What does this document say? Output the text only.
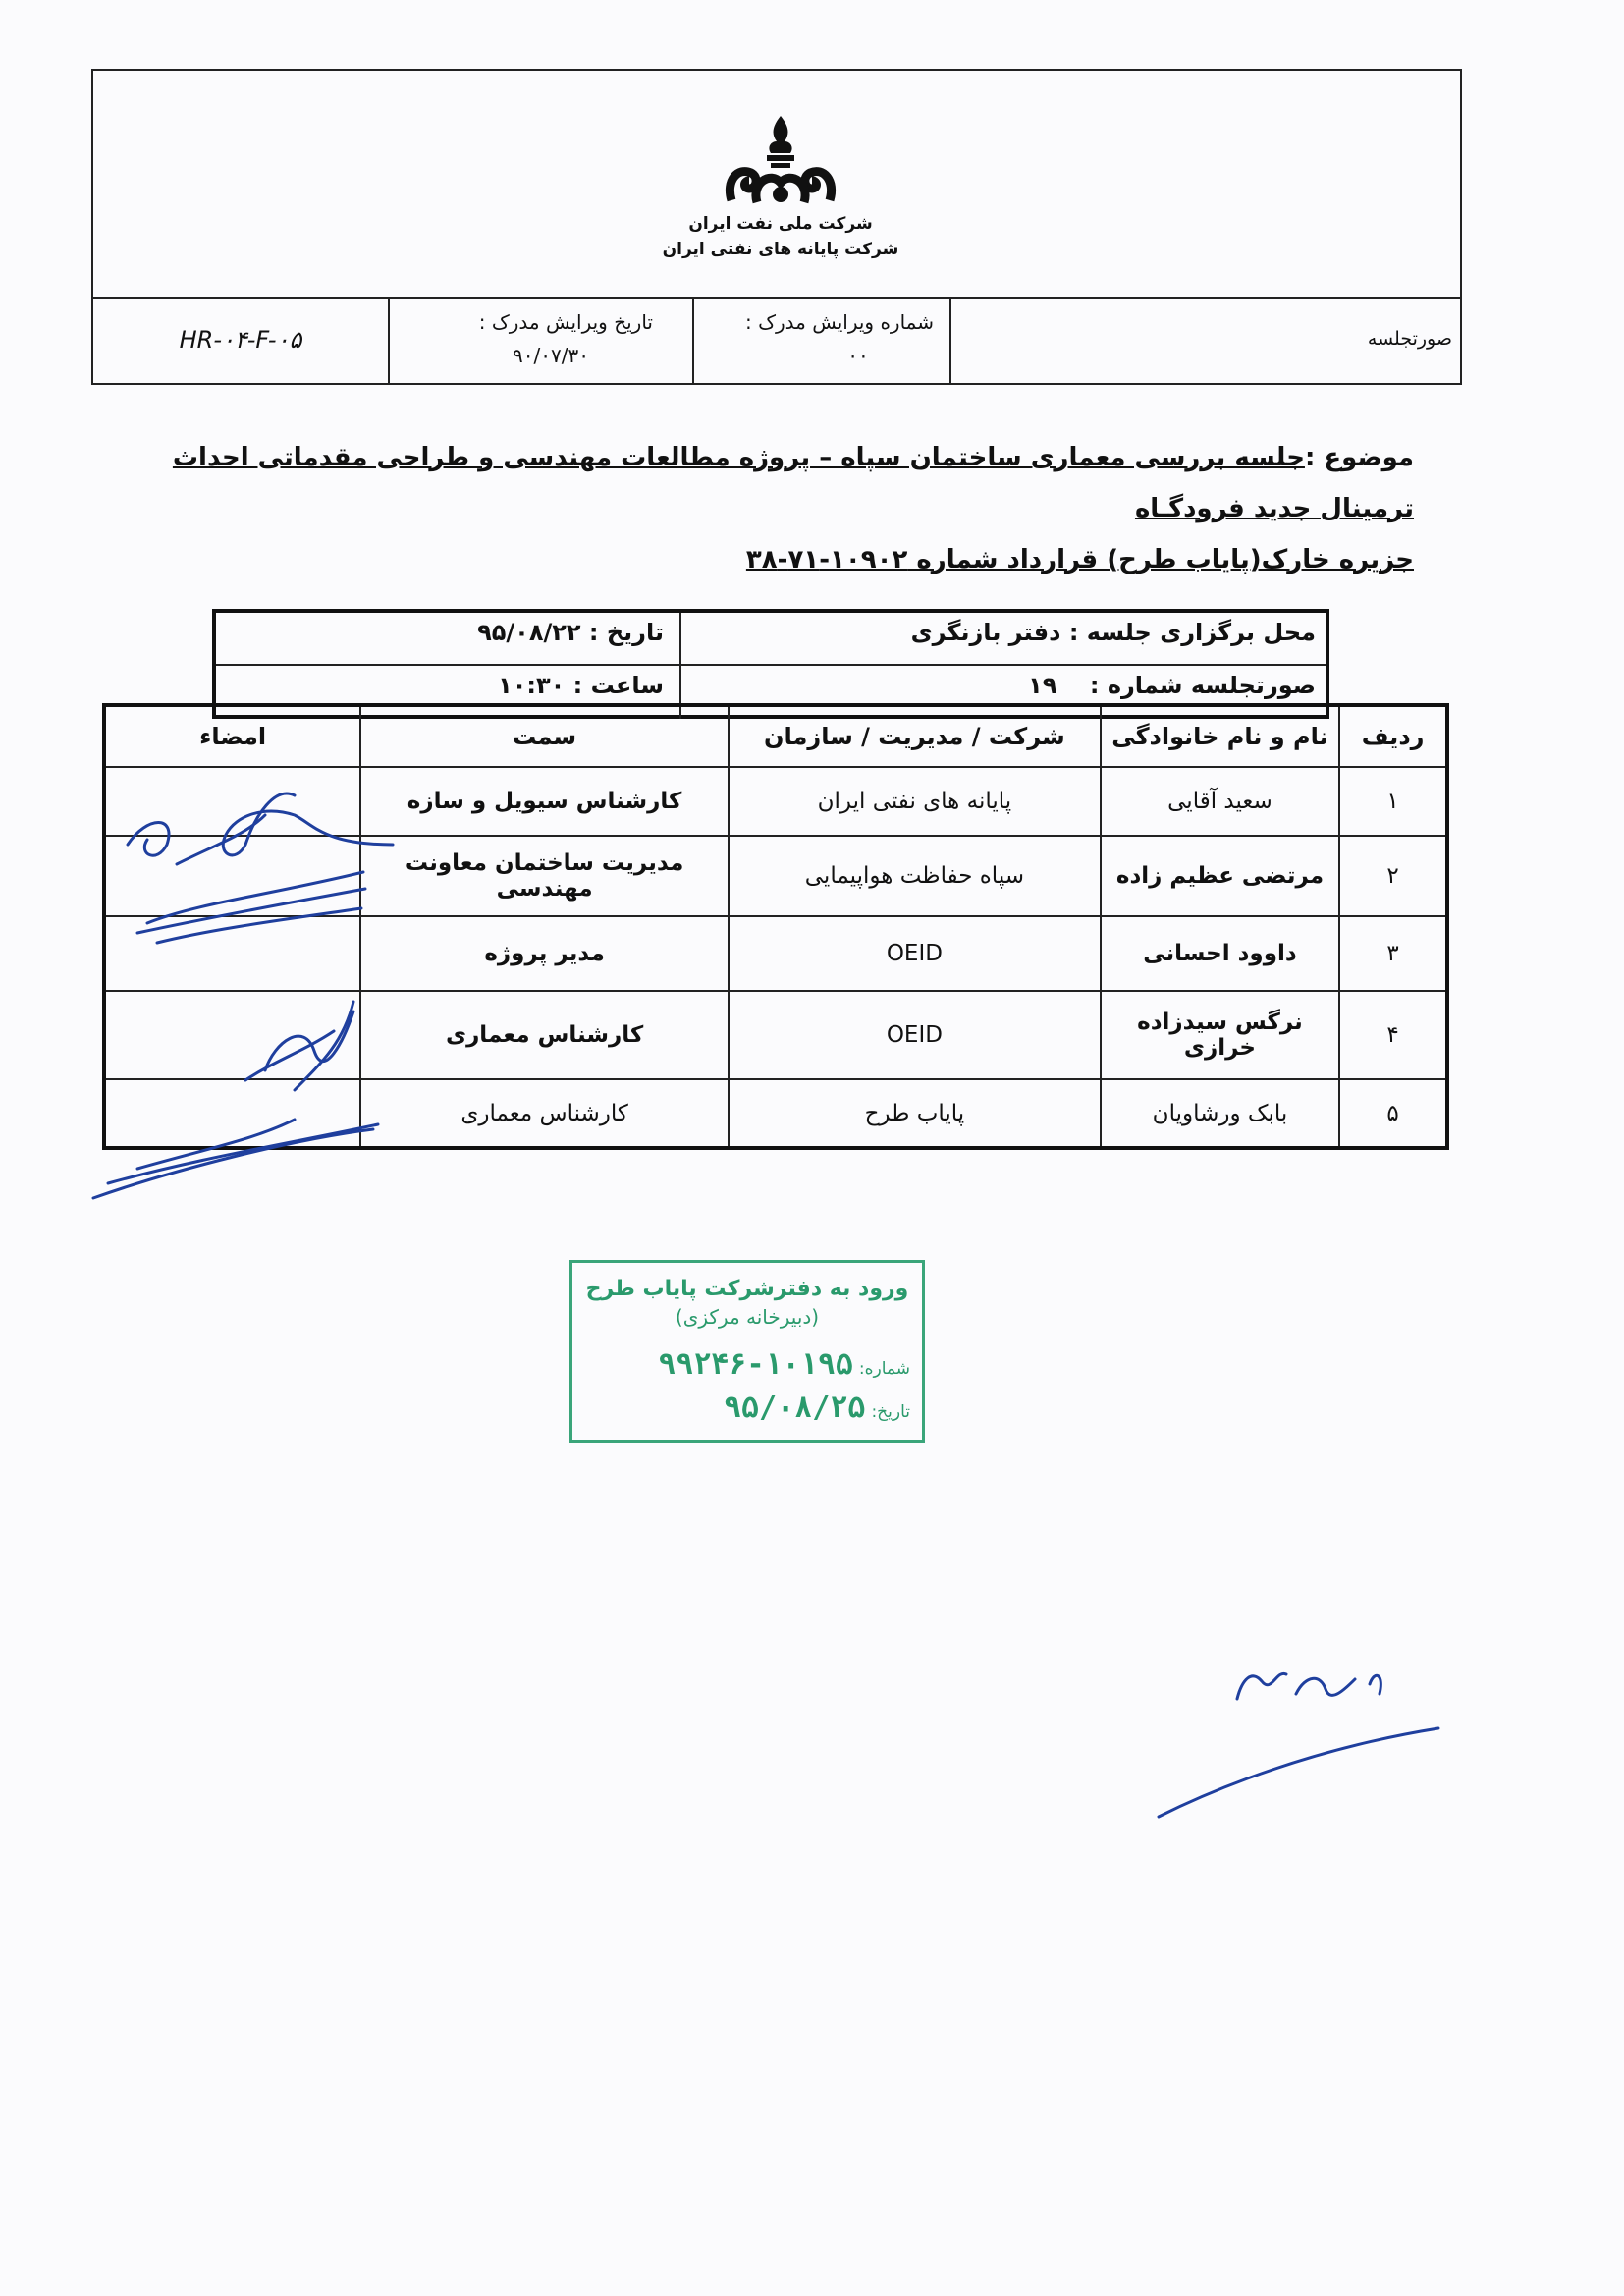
شرکت ملی نفت ایران
شرکت پایانه های نفتی ایران
صورتجلسه
شماره ویرایش مدرک :
۰۰
تاریخ ویرایش مدرک :
۹۰/۰۷/۳۰
HR-۰۴-F-۰۵
موضوع :جلسه بررسی معماری ساختمان سپاه – پروژه مطالعات مهندسی و طراحی مقدماتی احداث ترمینال جدید فرودگـاه
جزیره خارک(پایاب طرح) قرارداد شماره ۱۰۹۰۲-۷۱-۳۸
محل برگزاری جلسه : دفتر بازنگری
تاریخ : ۹۵/۰۸/۲۲
صورتجلسه شماره :    ۱۹
ساعت : ۱۰:۳۰
ردیف	نام و نام خانوادگی	شرکت / مدیریت / سازمان	سمت	امضاء
۱	سعید آقایی	پایانه های نفتی ایران	کارشناس سیویل و سازه	
۲	مرتضی عظیم زاده	سپاه حفاظت هواپیمایی	مدیریت ساختمان معاونت مهندسی	
۳	داوود احسانی	OEID	مدیر پروژه	
۴	نرگس سیدزاده خرازی	OEID	کارشناس معماری	
۵	بابک ورشاویان	پایاب طرح	کارشناس معماری	
ورود به دفترشرکت پایاب طرح
(دبیرخانه مرکزی)
شماره:۱۰۱۹۵-۹۹۲۴۶
تاریخ:۹۵/۰۸/۲۵
